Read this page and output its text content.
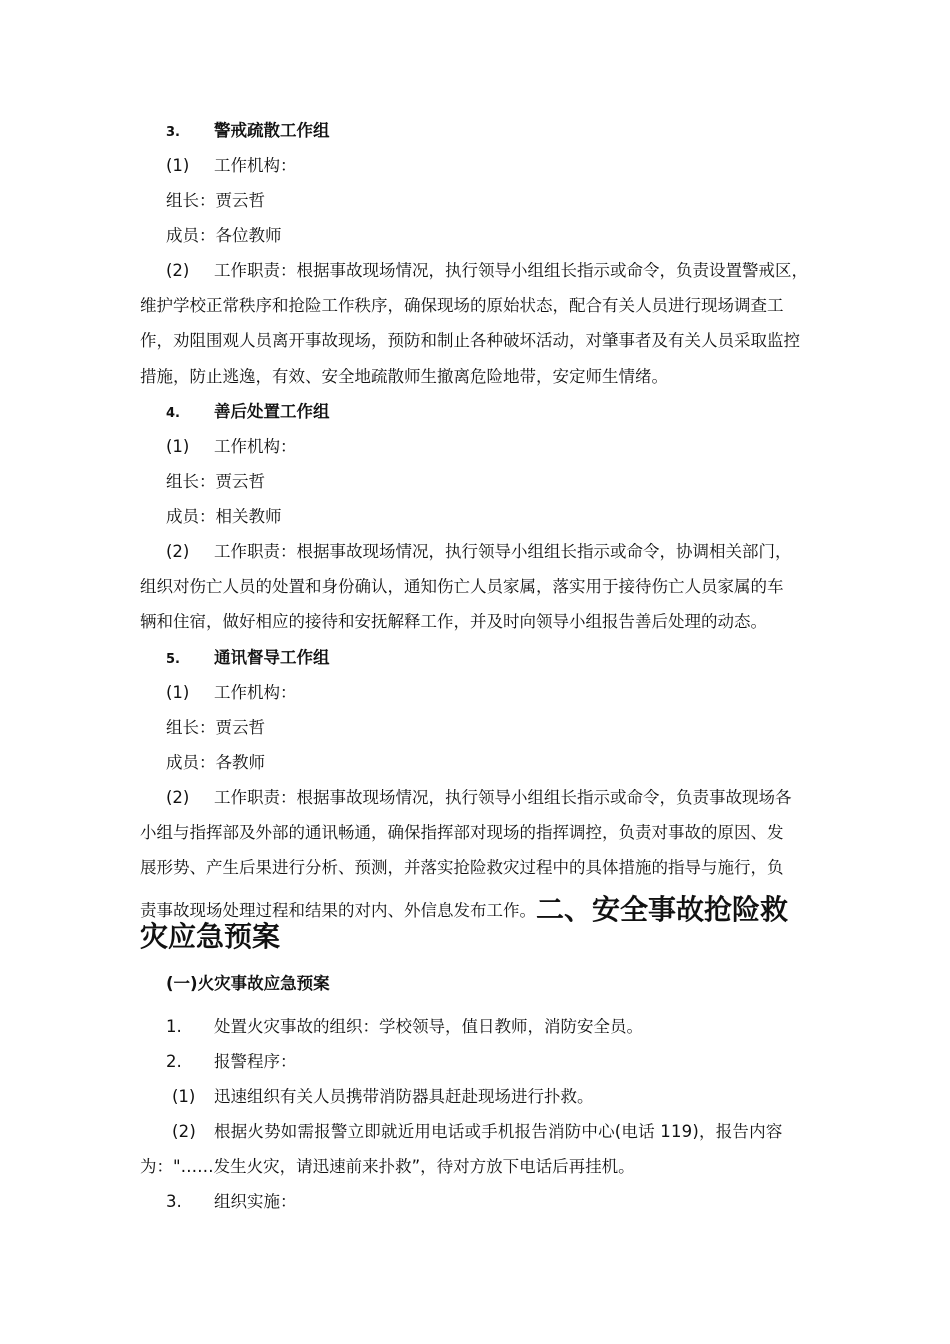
3. 警戒疏散工作组
(1) 工作机构：
组长：贾云哲
成员：各位教师
(2) 工作职责：根据事故现场情况，执行领导小组组长指示或命令，负责设置警戒区，
维护学校正常秩序和抢险工作秩序，确保现场的原始状态，配合有关人员进行现场调查工
作，劝阻围观人员离开事故现场，预防和制止各种破坏活动，对肇事者及有关人员采取监控
措施，防止逃逸，有效、安全地疏散师生撤离危险地带，安定师生情绪。
4. 善后处置工作组
(1) 工作机构：
组长：贾云哲
成员：相关教师
(2) 工作职责：根据事故现场情况，执行领导小组组长指示或命令，协调相关部门，
组织对伤亡人员的处置和身份确认，通知伤亡人员家属，落实用于接待伤亡人员家属的车
辆和住宿，做好相应的接待和安抚解释工作，并及时向领导小组报告善后处理的动态。
5. 通讯督导工作组
(1) 工作机构：
组长：贾云哲
成员：各教师
(2) 工作职责：根据事故现场情况，执行领导小组组长指示或命令，负责事故现场各
小组与指挥部及外部的通讯畅通，确保指挥部对现场的指挥调控，负责对事故的原因、发
展形势、产生后果进行分析、预测，并落实抢险救灾过程中的具体措施的指导与施行，负
责事故现场处理过程和结果的对内、外信息发布工作。二、安全事故抢险救
灾应急预案
(一)火灾事故应急预案
1. 处置火灾事故的组织：学校领导，值日教师，消防安全员。
2. 报警程序：
(1) 迅速组织有关人员携带消防器具赶赴现场进行扑救。
(2) 根据火势如需报警立即就近用电话或手机报告消防中心(电话 119)，报告内容
为："……发生火灾，请迅速前来扑救”，待对方放下电话后再挂机。
3. 组织实施：
